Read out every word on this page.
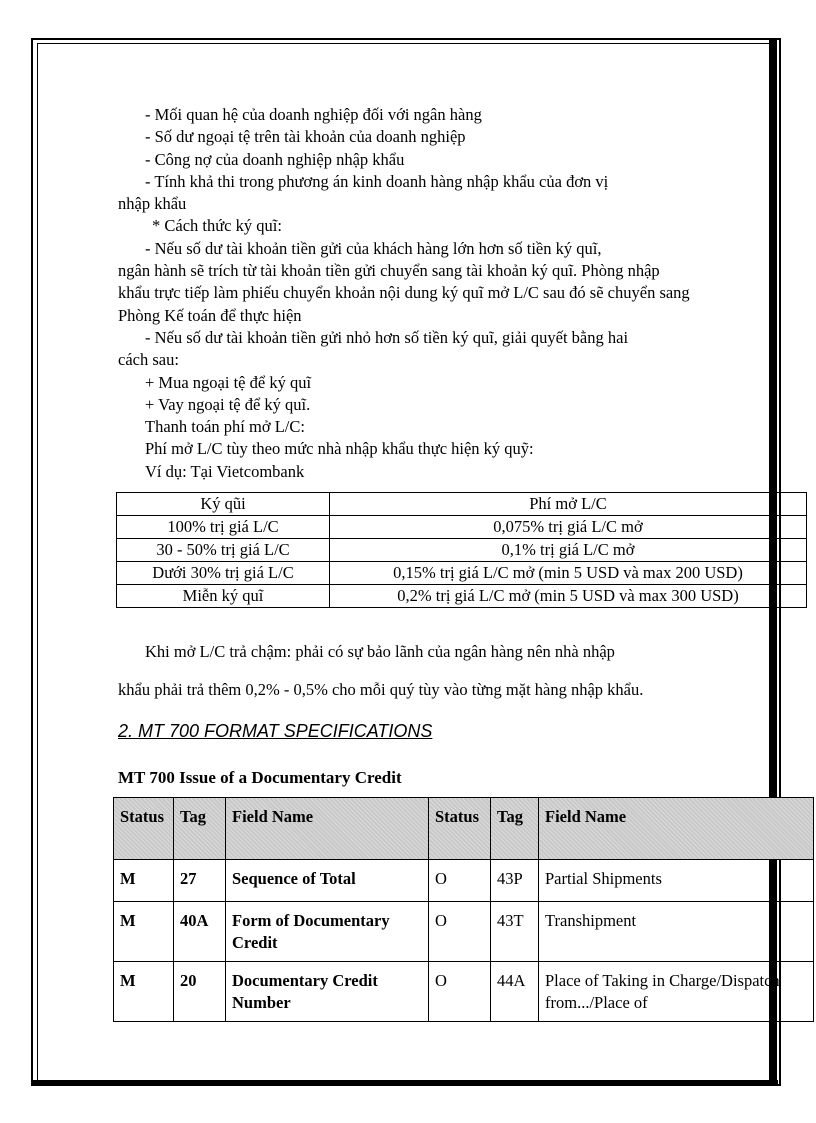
- Mối quan hệ của doanh nghiệp đối với ngân hàng

- Số dư ngoại tệ trên tài khoản của doanh nghiệp

- Công nợ của doanh nghiệp nhập khẩu

- Tính khả thi trong phương án kinh doanh hàng nhập khẩu của đơn vị

nhập khẩu

* Cách thức ký quĩ:

- Nếu số dư tài khoản tiền gửi của khách hàng lớn hơn số tiền ký quĩ,

ngân hành sẽ trích từ tài khoản tiền gửi chuyển sang tài khoản ký quĩ. Phòng nhập khẩu trực tiếp làm phiếu chuyển khoản nội dung ký quĩ mở L/C sau đó sẽ chuyển sang Phòng Kế toán để thực hiện

- Nếu số dư tài khoản tiền gửi nhỏ hơn số tiền ký quĩ, giải quyết bằng hai

cách sau:

+ Mua ngoại tệ để ký quĩ

+ Vay ngoại tệ để ký quĩ.

Thanh toán phí mở L/C:

Phí mở L/C tùy theo mức nhà nhập khẩu thực hiện ký quỹ:

Ví dụ: Tại Vietcombank

Ký qũi	Phí mở L/C
100% trị giá L/C	0,075% trị giá L/C mở
30 - 50% trị giá L/C	0,1% trị giá L/C mở
Dưới 30% trị giá L/C	0,15% trị giá L/C mở (min 5 USD và max 200 USD)
Miễn ký quĩ	0,2% trị giá L/C mở (min 5 USD và max 300 USD)

Khi mở L/C trả chậm: phải có sự bảo lãnh của ngân hàng nên nhà nhập

khẩu phải trả thêm 0,2% - 0,5% cho mỗi quý tùy vào từng mặt hàng nhập khẩu.

2. MT 700 FORMAT SPECIFICATIONS
MT 700 Issue of a Documentary Credit
Status	Tag	Field Name	Status	Tag	Field Name
M	27	Sequence of Total	O	43P	Partial Shipments
M	40A	Form of Documentary Credit	O	43T	Transhipment
M	20	Documentary Credit Number	O	44A	Place of Taking in Charge/Dispatch from.../Place of
